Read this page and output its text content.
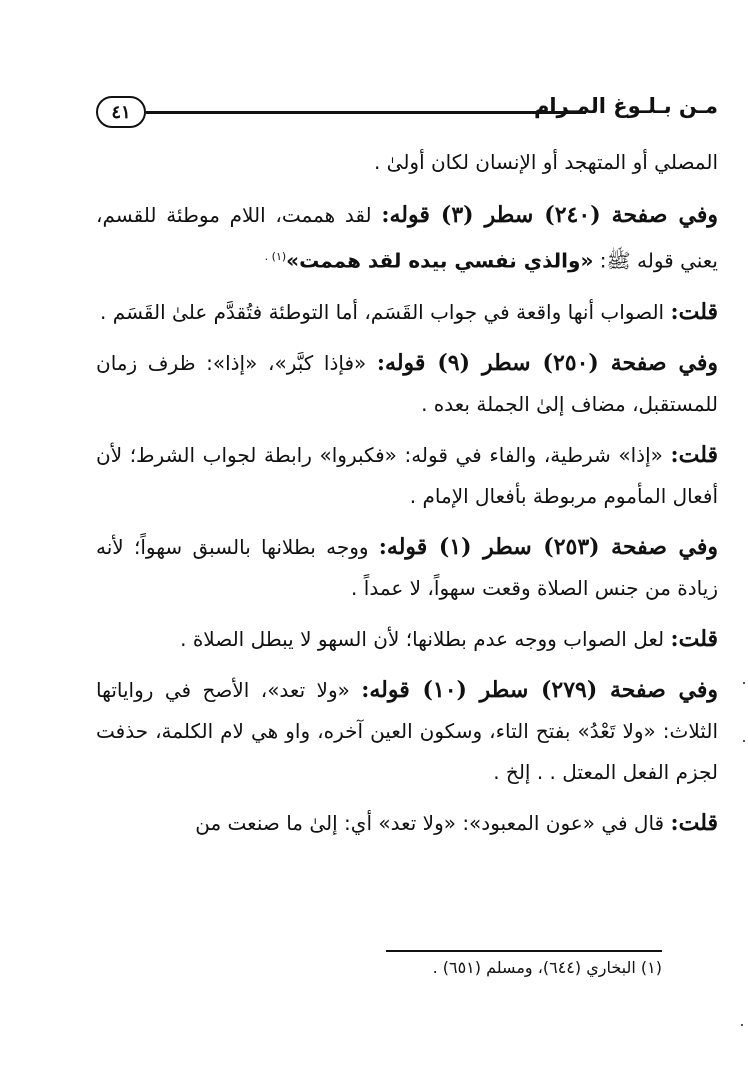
٤١	مـن بـلـوغ المـرام

المصلي أو المتهجد أو الإنسان لكان أولىٰ .

وفي صفحة (٢٤٠) سطر (٣) قوله: لقد هممت، اللام موطئة للقسم، يعني قوله ﷺ: «والذي نفسي بيده لقد هممت»$^{(١) .}$

قلت: الصواب أنها واقعة في جواب القَسَم، أما التوطئة فتُقدَّم علىٰ القَسَم .

وفي صفحة (٢٥٠) سطر (٩) قوله: «فإذا كبَّر»، «إذا»: ظرف زمان للمستقبل، مضاف إلىٰ الجملة بعده .

قلت: «إذا» شرطية، والفاء في قوله: «فكبروا» رابطة لجواب الشرط؛ لأن أفعال المأموم مربوطة بأفعال الإمام .

وفي صفحة (٢٥٣) سطر (١) قوله: ووجه بطلانها بالسبق سهواً؛ لأنه زيادة من جنس الصلاة وقعت سهواً، لا عمداً .

قلت: لعل الصواب ووجه عدم بطلانها؛ لأن السهو لا يبطل الصلاة .

وفي صفحة (٢٧٩) سطر (١٠) قوله: «ولا تعد»، الأصح في رواياتها الثلاث: «ولا تَعْدُ» بفتح التاء، وسكون العين آخره، واو هي لام الكلمة، حذفت لجزم الفعل المعتل . . إلخ .

قلت: قال في «عون المعبود»: «ولا تعد» أي: إلىٰ ما صنعت من

(١) البخاري (٦٤٤)، ومسلم (٦٥١) .
